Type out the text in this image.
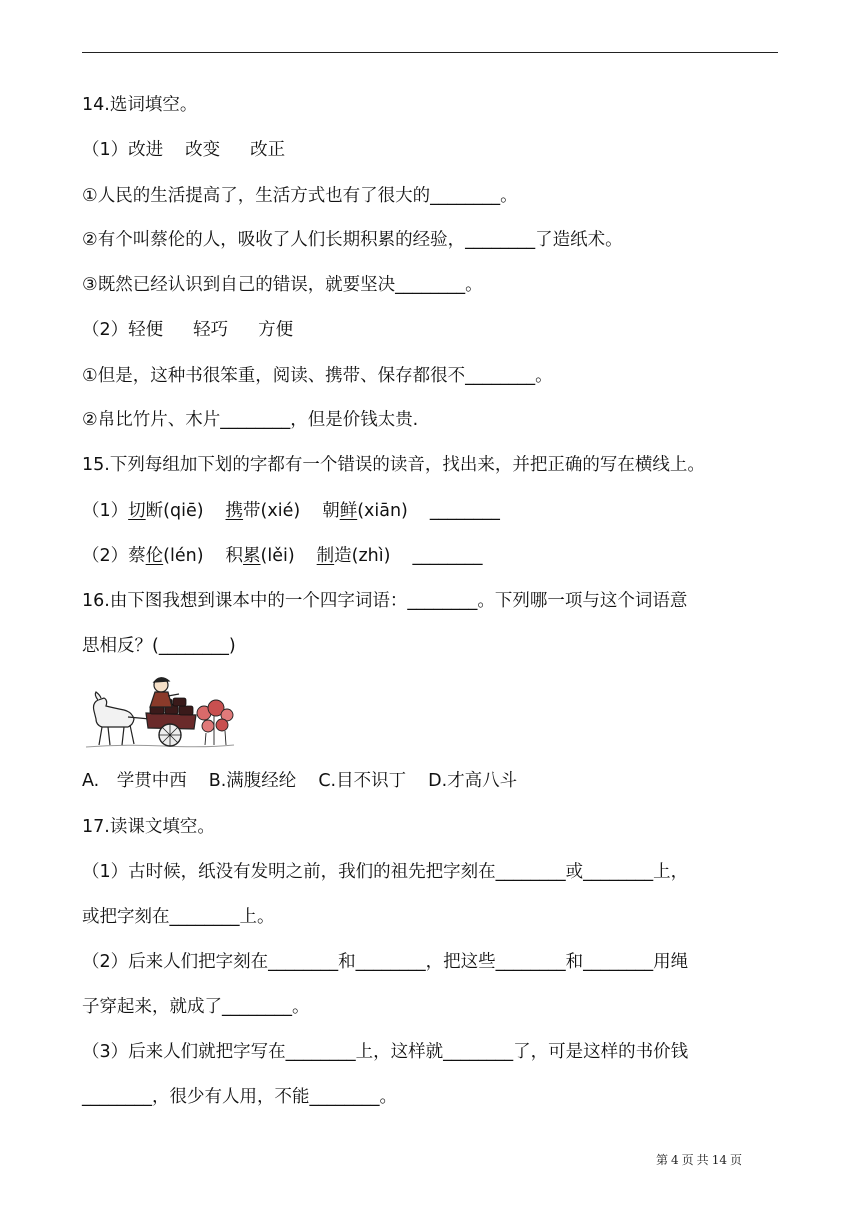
14.选词填空。
（1）改进 改变 改正
①人民的生活提高了，生活方式也有了很大的________。
②有个叫蔡伦的人，吸收了人们长期积累的经验，________了造纸术。
③既然已经认识到自己的错误，就要坚决________。
（2）轻便 轻巧 方便
①但是，这种书很笨重，阅读、携带、保存都很不________。
②帛比竹片、木片________，但是价钱太贵.
15.下列每组加下划的字都有一个错误的读音，找出来，并把正确的写在横线上。
（1）切断(qiē) 携带(xié) 朝鲜(xiān) ________
（2）蔡伦(lén) 积累(lěi) 制造(zhì) ________
16.由下图我想到课本中的一个四字词语：________。下列哪一项与这个词语意
思相反？(________)
A.　学贯中西 B.满腹经纶 C.目不识丁 D.才高八斗
17.读课文填空。
（1）古时候，纸没有发明之前，我们的祖先把字刻在________或________上，
或把字刻在________上。
（2）后来人们把字刻在________和________，把这些________和________用绳
子穿起来，就成了________。
（3）后来人们就把字写在________上，这样就________了，可是这样的书价钱
________，很少有人用，不能________。
第 4 页 共 14 页
